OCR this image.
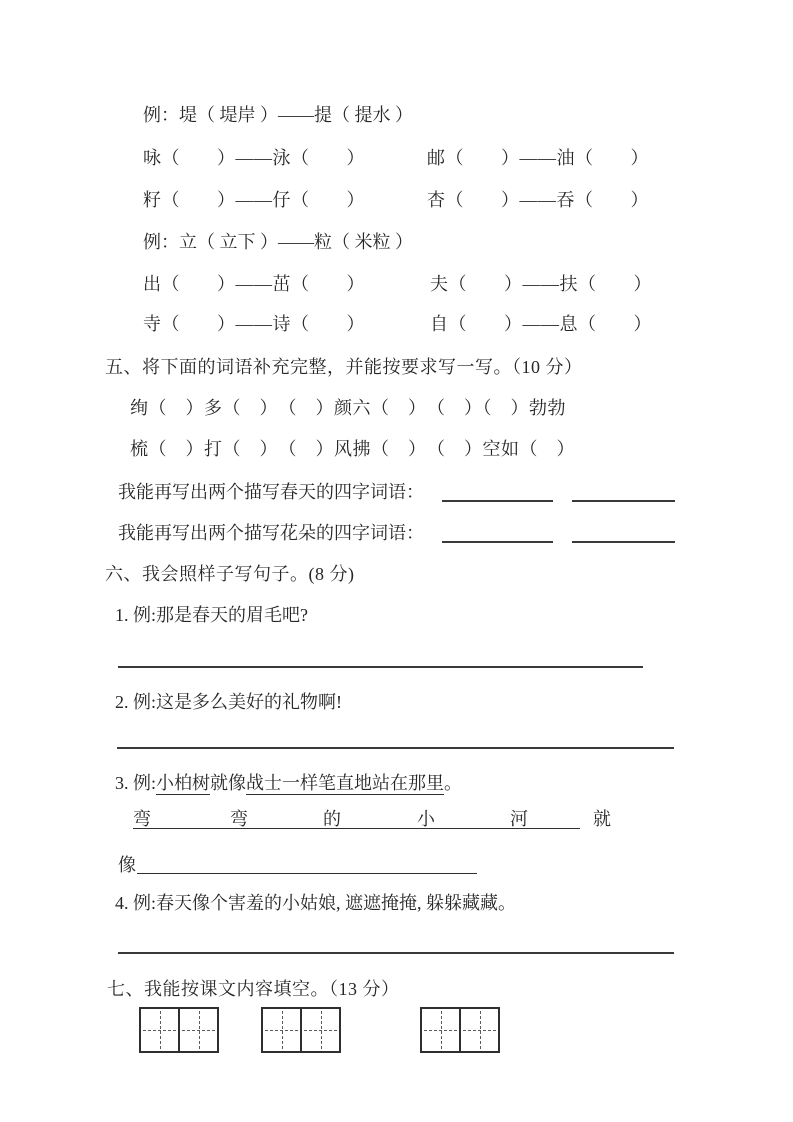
例：堤（ 堤岸 ）——提（ 提水 ）
咏（　　）——泳（　　）	邮（　　）——油（　　）
籽（　　）——仔（　　）	杏（　　）——吞（　　）
例：立（ 立下 ）——粒（ 米粒 ）
出（　　）——茁（　　）	夫（　　）——扶（　　）
寺（　　）——诗（　　）	自（　　）——息（　　）
五、将下面的词语补充完整，并能按要求写一写。（10 分）
绚（　）多（　）　（　）颜六（　）　（　）（　）勃勃
梳（　）打（　）　（　）风拂（　）　（　）空如（　）
我能再写出两个描写春天的四字词语：
我能再写出两个描写花朵的四字词语：
六、我会照样子写句子。(8 分)
1. 例:那是春天的眉毛吧?
2. 例:这是多么美好的礼物啊!
3. 例:小柏树就像战士一样笔直地站在那里。
弯	弯	的	小	河	就
像
4. 例:春天像个害羞的小姑娘, 遮遮掩掩, 躲躲藏藏。
七、我能按课文内容填空。（13 分）
